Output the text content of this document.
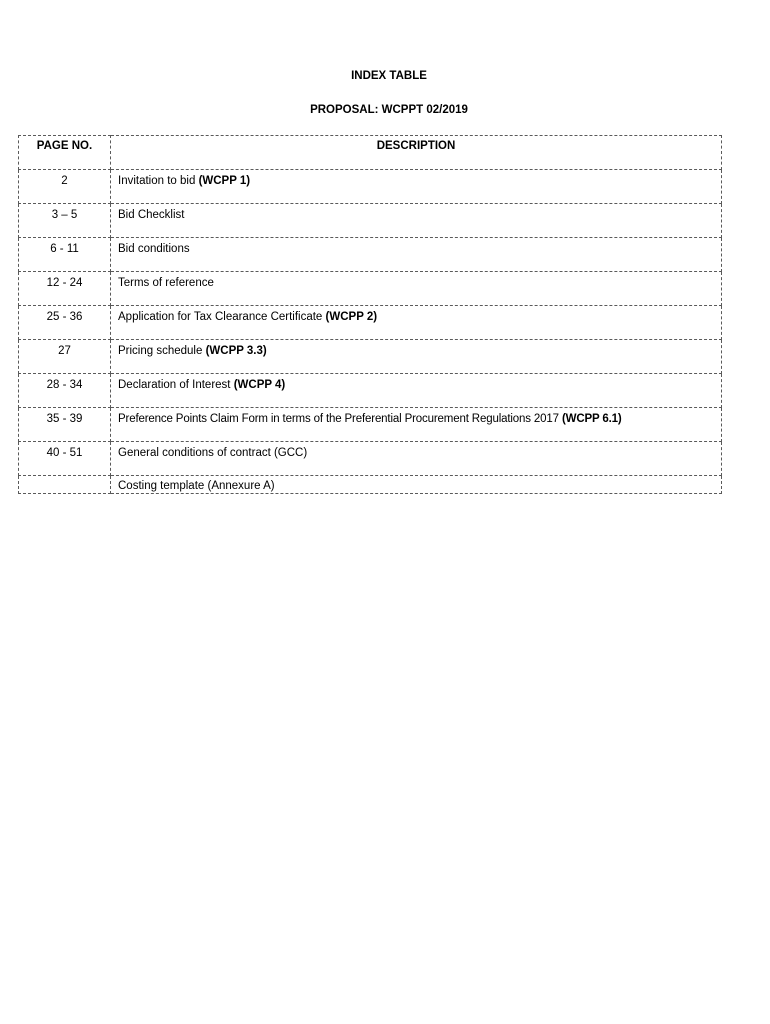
INDEX TABLE
PROPOSAL: WCPPT 02/2019
PAGE NO.	DESCRIPTION
2	Invitation to bid (WCPP 1)
3 – 5	Bid Checklist
6 - 11	Bid conditions
12 - 24	Terms of reference
25 - 36	Application for Tax Clearance Certificate (WCPP 2)
27	Pricing schedule (WCPP 3.3)
28 - 34	Declaration of Interest (WCPP 4)
35 - 39	Preference Points Claim Form in terms of the Preferential Procurement Regulations 2017 (WCPP 6.1)
40 - 51	General conditions of contract (GCC)
	Costing template (Annexure A)
